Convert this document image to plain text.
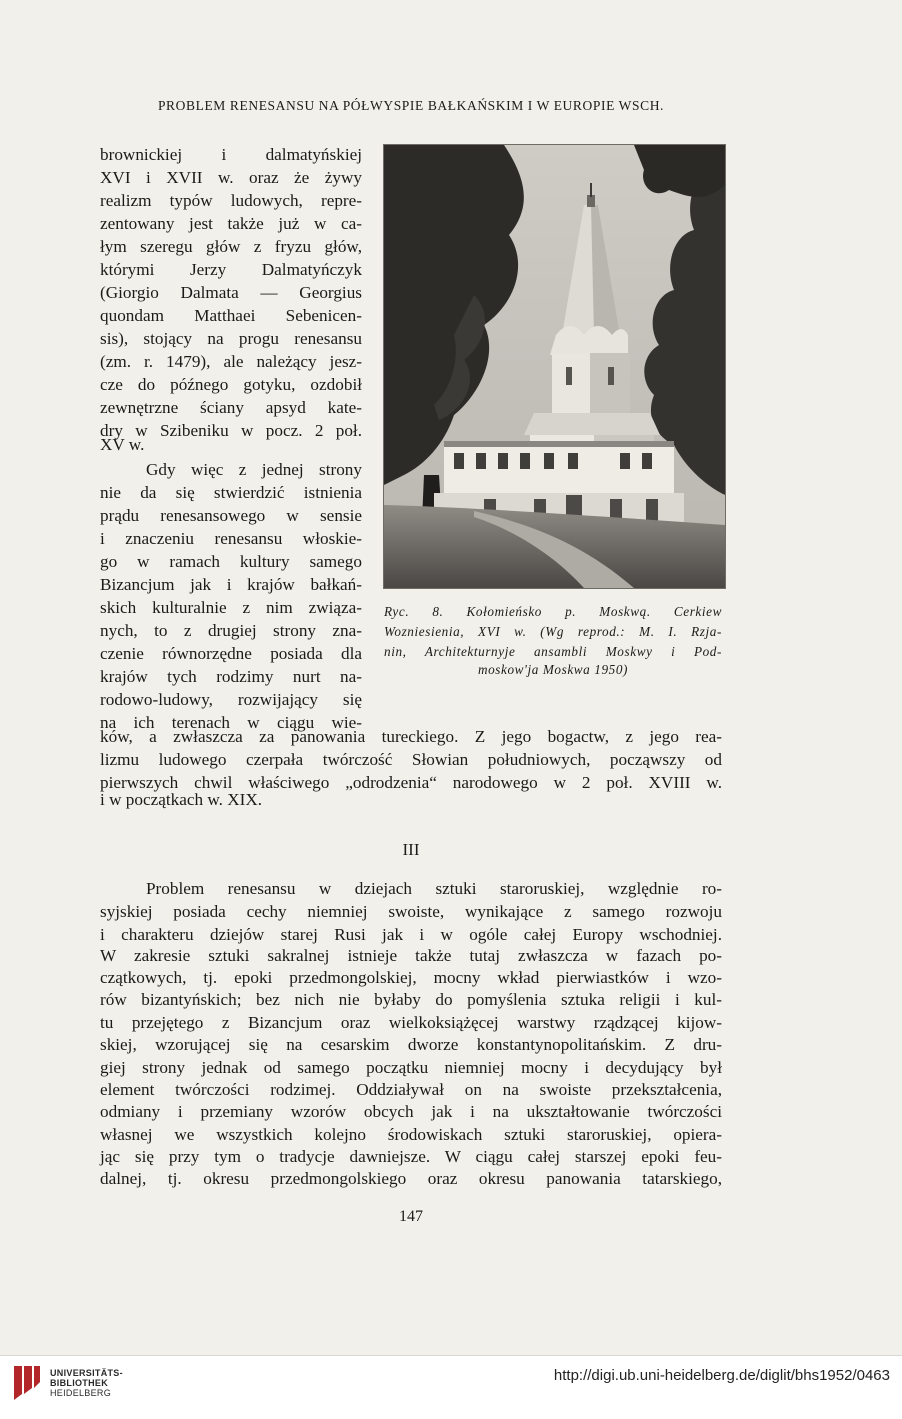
PROBLEM RENESANSU NA PÓŁWYSPIE BAŁKAŃSKIM I W EUROPIE WSCH.
brownickiej i dalmatyńskiej
XVI i XVII w. oraz że żywy
realizm typów ludowych, repre-
zentowany jest także już w ca-
łym szeregu głów z fryzu głów,
którymi Jerzy Dalmatyńczyk
(Giorgio Dalmata — Georgius
quondam Matthaei Sebenicen-
sis), stojący na progu renesansu
(zm. r. 1479), ale należący jesz-
cze do późnego gotyku, ozdobił
zewnętrzne ściany apsyd kate-
dry w Szibeniku w pocz. 2 poł.
XV w.
Gdy więc z jednej strony
nie da się stwierdzić istnienia
prądu renesansowego w sensie
i znaczeniu renesansu włoskie-
go w ramach kultury samego
Bizancjum jak i krajów bałkań-
skich kulturalnie z nim związa-
nych, to z drugiej strony zna-
czenie równorzędne posiada dla
krajów tych rodzimy nurt na-
rodowo-ludowy, rozwijający się
na ich terenach w ciągu wie-
Ryc. 8. Kołomieńsko p. Moskwą. Cerkiew
Wozniesienia, XVI w. (Wg reprod.: M. I. Rzja-
nin, Architekturnyje ansambli Moskwy i Pod-
moskow'ja Moskwa 1950)
ków, a zwłaszcza za panowania tureckiego. Z jego bogactw, z jego rea-
lizmu ludowego czerpała twórczość Słowian południowych, począwszy od
pierwszych chwil właściwego „odrodzenia“ narodowego w 2 poł. XVIII w.
i w początkach w. XIX.
III
Problem renesansu w dziejach sztuki staroruskiej, względnie ro-
syjskiej posiada cechy niemniej swoiste, wynikające z samego rozwoju
i charakteru dziejów starej Rusi jak i w ogóle całej Europy wschodniej.
W zakresie sztuki sakralnej istnieje także tutaj zwłaszcza w fazach po-
czątkowych, tj. epoki przedmongolskiej, mocny wkład pierwiastków i wzo-
rów bizantyńskich; bez nich nie byłaby do pomyślenia sztuka religii i kul-
tu przejętego z Bizancjum oraz wielkoksiążęcej warstwy rządzącej kijow-
skiej, wzorującej się na cesarskim dworze konstantynopolitańskim. Z dru-
giej strony jednak od samego początku niemniej mocny i decydujący był
element twórczości rodzimej. Oddziaływał on na swoiste przekształcenia,
odmiany i przemiany wzorów obcych jak i na ukształtowanie twórczości
własnej we wszystkich kolejno środowiskach sztuki staroruskiej, opiera-
jąc się przy tym o tradycje dawniejsze. W ciągu całej starszej epoki feu-
dalnej, tj. okresu przedmongolskiego oraz okresu panowania tatarskiego,
147
UNIVERSITÄTS-
BIBLIOTHEK
HEIDELBERG
http://digi.ub.uni-heidelberg.de/diglit/bhs1952/0463
